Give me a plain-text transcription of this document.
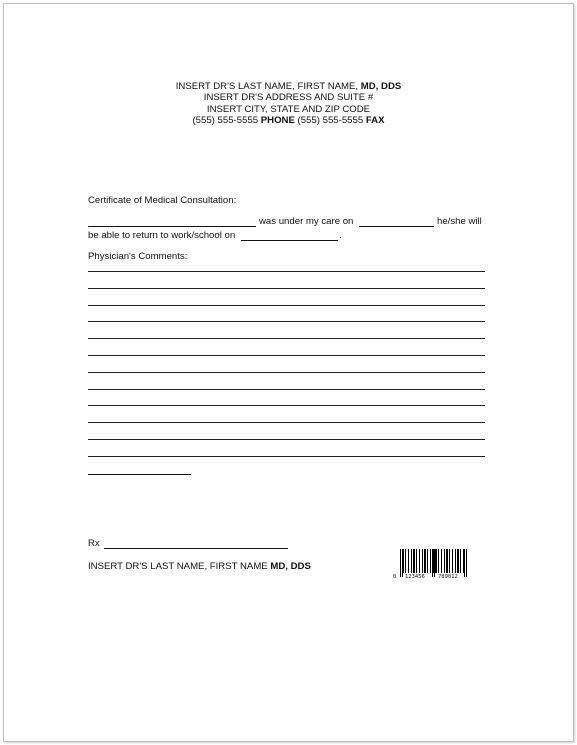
INSERT DR'S LAST NAME, FIRST NAME, MD, DDS
INSERT DR'S ADDRESS AND SUITE #
INSERT CITY, STATE AND ZIP CODE
(555) 555-5555 PHONE (555) 555-5555 FAX
Certificate of Medical Consultation:
was under my care on	he/she will
be able to return to work/school on	.
Physician's Comments:
Rx
INSERT DR'S LAST NAME, FIRST NAME MD, DDS
0 123456 789012
